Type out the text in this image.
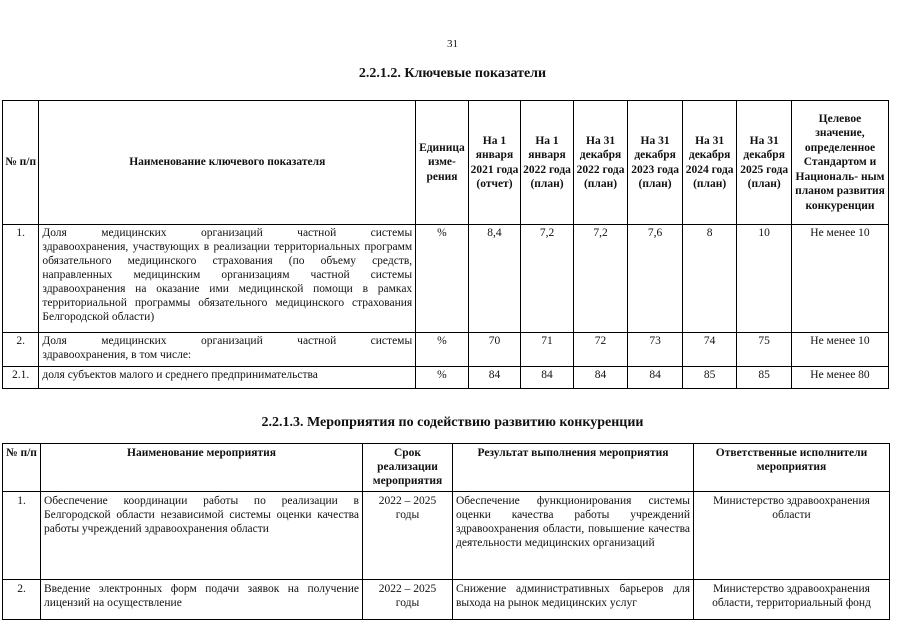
31
2.2.1.2. Ключевые показатели
№ п/п	Наименование ключевого показателя	Единица изме- рения	На 1 января 2021 года (отчет)	На 1 января 2022 года (план)	На 31 декабря 2022 года (план)	На 31 декабря 2023 года (план)	На 31 декабря 2024 года (план)	На 31 декабря 2025 года (план)	Целевое значение, определенное Стандартом и Националь- ным планом развития конкуренции
1.	Доля медицинских организаций частной системы
здравоохранения, участвующих в реализации территориальных программ обязательного медицинского страхования (по объему средств, направленных медицинским организациям частной системы здравоохранения на оказание ими медицинской помощи в рамках территориальной программы обязательного медицинского страхования Белгородской области)	%	8,4	7,2	7,2	7,6	8	10	Не менее 10
2.	Доля медицинских организаций частной системы
здравоохранения, в том числе:	%	70	71	72	73	74	75	Не менее 10
2.1.	доля субъектов малого и среднего предпринимательства	%	84	84	84	84	85	85	Не менее 80
2.2.1.3. Мероприятия по содействию развитию конкуренции
№ п/п	Наименование мероприятия	Срок реализации мероприятия	Результат выполнения мероприятия	Ответственные исполнители мероприятия
1.	Обеспечение координации работы по реализации в Белгородской области независимой системы оценки качества работы учреждений здравоохранения области	2022 – 2025 годы	Обеспечение функционирования системы оценки качества работы учреждений здравоохранения области, повышение качества деятельности медицинских организаций	Министерство здравоохранения области
2.	Введение электронных форм подачи заявок на получение лицензий на осуществление	2022 – 2025 годы	Снижение административных барьеров для выхода на рынок медицинских услуг	Министерство здравоохранения области, территориальный фонд
